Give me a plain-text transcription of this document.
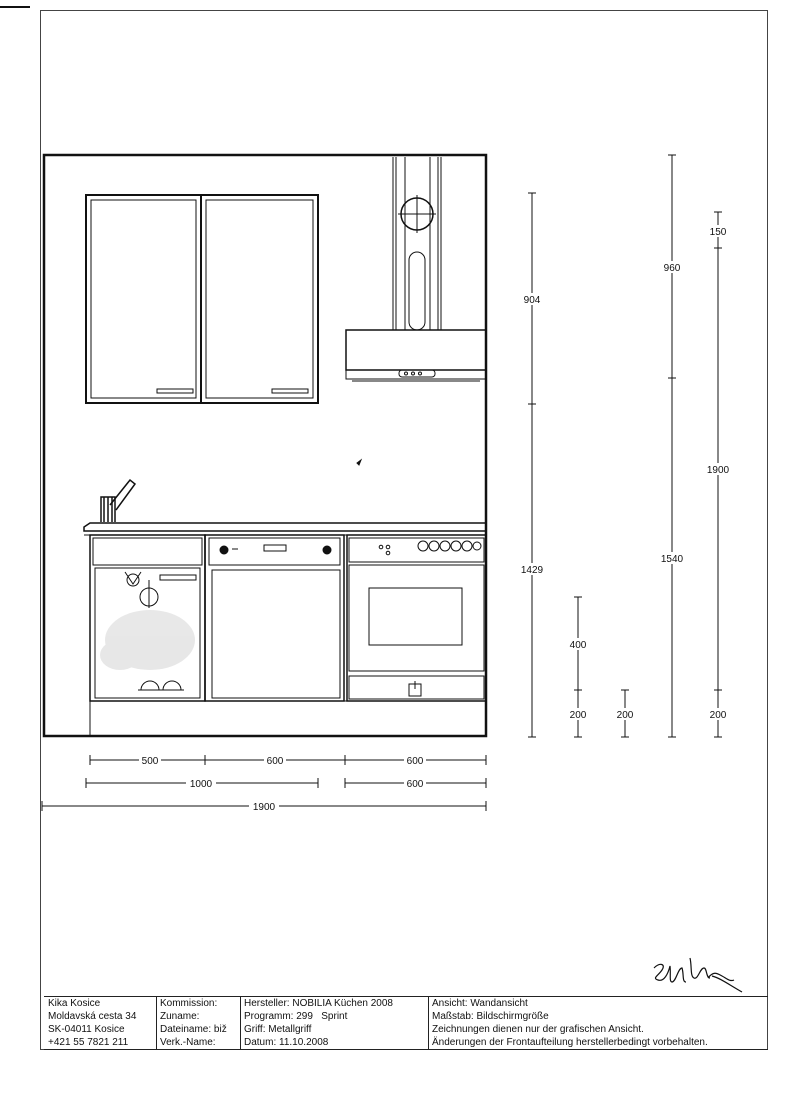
500	600	600
1000	600
1900
904
1429
400
200	200
960
1540
150
1900
200
Kika Kosice	Kommission:	Hersteller: NOBILIA Küchen 2008	Ansicht: Wandansicht
Moldavská cesta 34	Zuname:	Programm: 299   Sprint	Maßstab: Bildschirmgröße
SK-04011 Kosice	Dateiname: biž	Griff: Metallgriff	Zeichnungen dienen nur der grafischen Ansicht.
+421 55 7821 211	Verk.-Name:	Datum: 11.10.2008	Änderungen der Frontaufteilung herstellerbedingt vorbehalten.
